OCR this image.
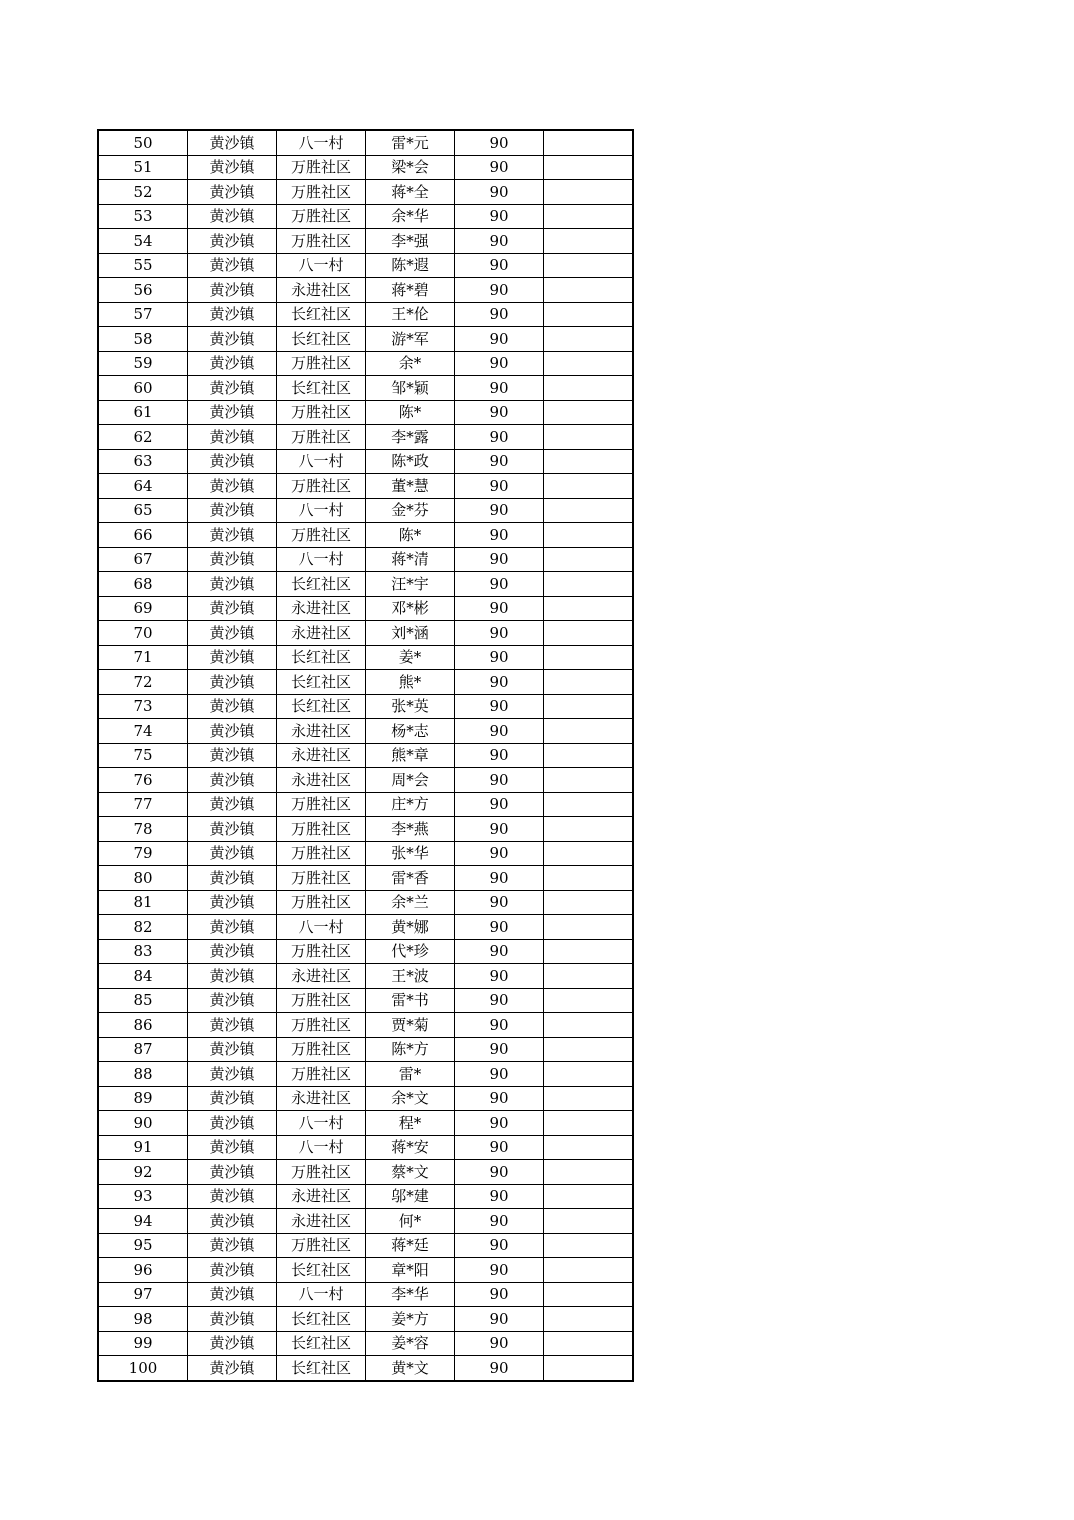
50	黄沙镇	八一村	雷*元	90	
51	黄沙镇	万胜社区	梁*会	90	
52	黄沙镇	万胜社区	蒋*全	90	
53	黄沙镇	万胜社区	余*华	90	
54	黄沙镇	万胜社区	李*强	90	
55	黄沙镇	八一村	陈*遐	90	
56	黄沙镇	永进社区	蒋*碧	90	
57	黄沙镇	长红社区	王*伦	90	
58	黄沙镇	长红社区	游*军	90	
59	黄沙镇	万胜社区	余*	90	
60	黄沙镇	长红社区	邹*颖	90	
61	黄沙镇	万胜社区	陈*	90	
62	黄沙镇	万胜社区	李*露	90	
63	黄沙镇	八一村	陈*政	90	
64	黄沙镇	万胜社区	董*慧	90	
65	黄沙镇	八一村	金*芬	90	
66	黄沙镇	万胜社区	陈*	90	
67	黄沙镇	八一村	蒋*清	90	
68	黄沙镇	长红社区	汪*宇	90	
69	黄沙镇	永进社区	邓*彬	90	
70	黄沙镇	永进社区	刘*涵	90	
71	黄沙镇	长红社区	姜*	90	
72	黄沙镇	长红社区	熊*	90	
73	黄沙镇	长红社区	张*英	90	
74	黄沙镇	永进社区	杨*志	90	
75	黄沙镇	永进社区	熊*章	90	
76	黄沙镇	永进社区	周*会	90	
77	黄沙镇	万胜社区	庄*方	90	
78	黄沙镇	万胜社区	李*燕	90	
79	黄沙镇	万胜社区	张*华	90	
80	黄沙镇	万胜社区	雷*香	90	
81	黄沙镇	万胜社区	余*兰	90	
82	黄沙镇	八一村	黄*娜	90	
83	黄沙镇	万胜社区	代*珍	90	
84	黄沙镇	永进社区	王*波	90	
85	黄沙镇	万胜社区	雷*书	90	
86	黄沙镇	万胜社区	贾*菊	90	
87	黄沙镇	万胜社区	陈*方	90	
88	黄沙镇	万胜社区	雷*	90	
89	黄沙镇	永进社区	余*文	90	
90	黄沙镇	八一村	程*	90	
91	黄沙镇	八一村	蒋*安	90	
92	黄沙镇	万胜社区	蔡*文	90	
93	黄沙镇	永进社区	邬*建	90	
94	黄沙镇	永进社区	何*	90	
95	黄沙镇	万胜社区	蒋*廷	90	
96	黄沙镇	长红社区	章*阳	90	
97	黄沙镇	八一村	李*华	90	
98	黄沙镇	长红社区	姜*方	90	
99	黄沙镇	长红社区	姜*容	90	
100	黄沙镇	长红社区	黄*文	90	
